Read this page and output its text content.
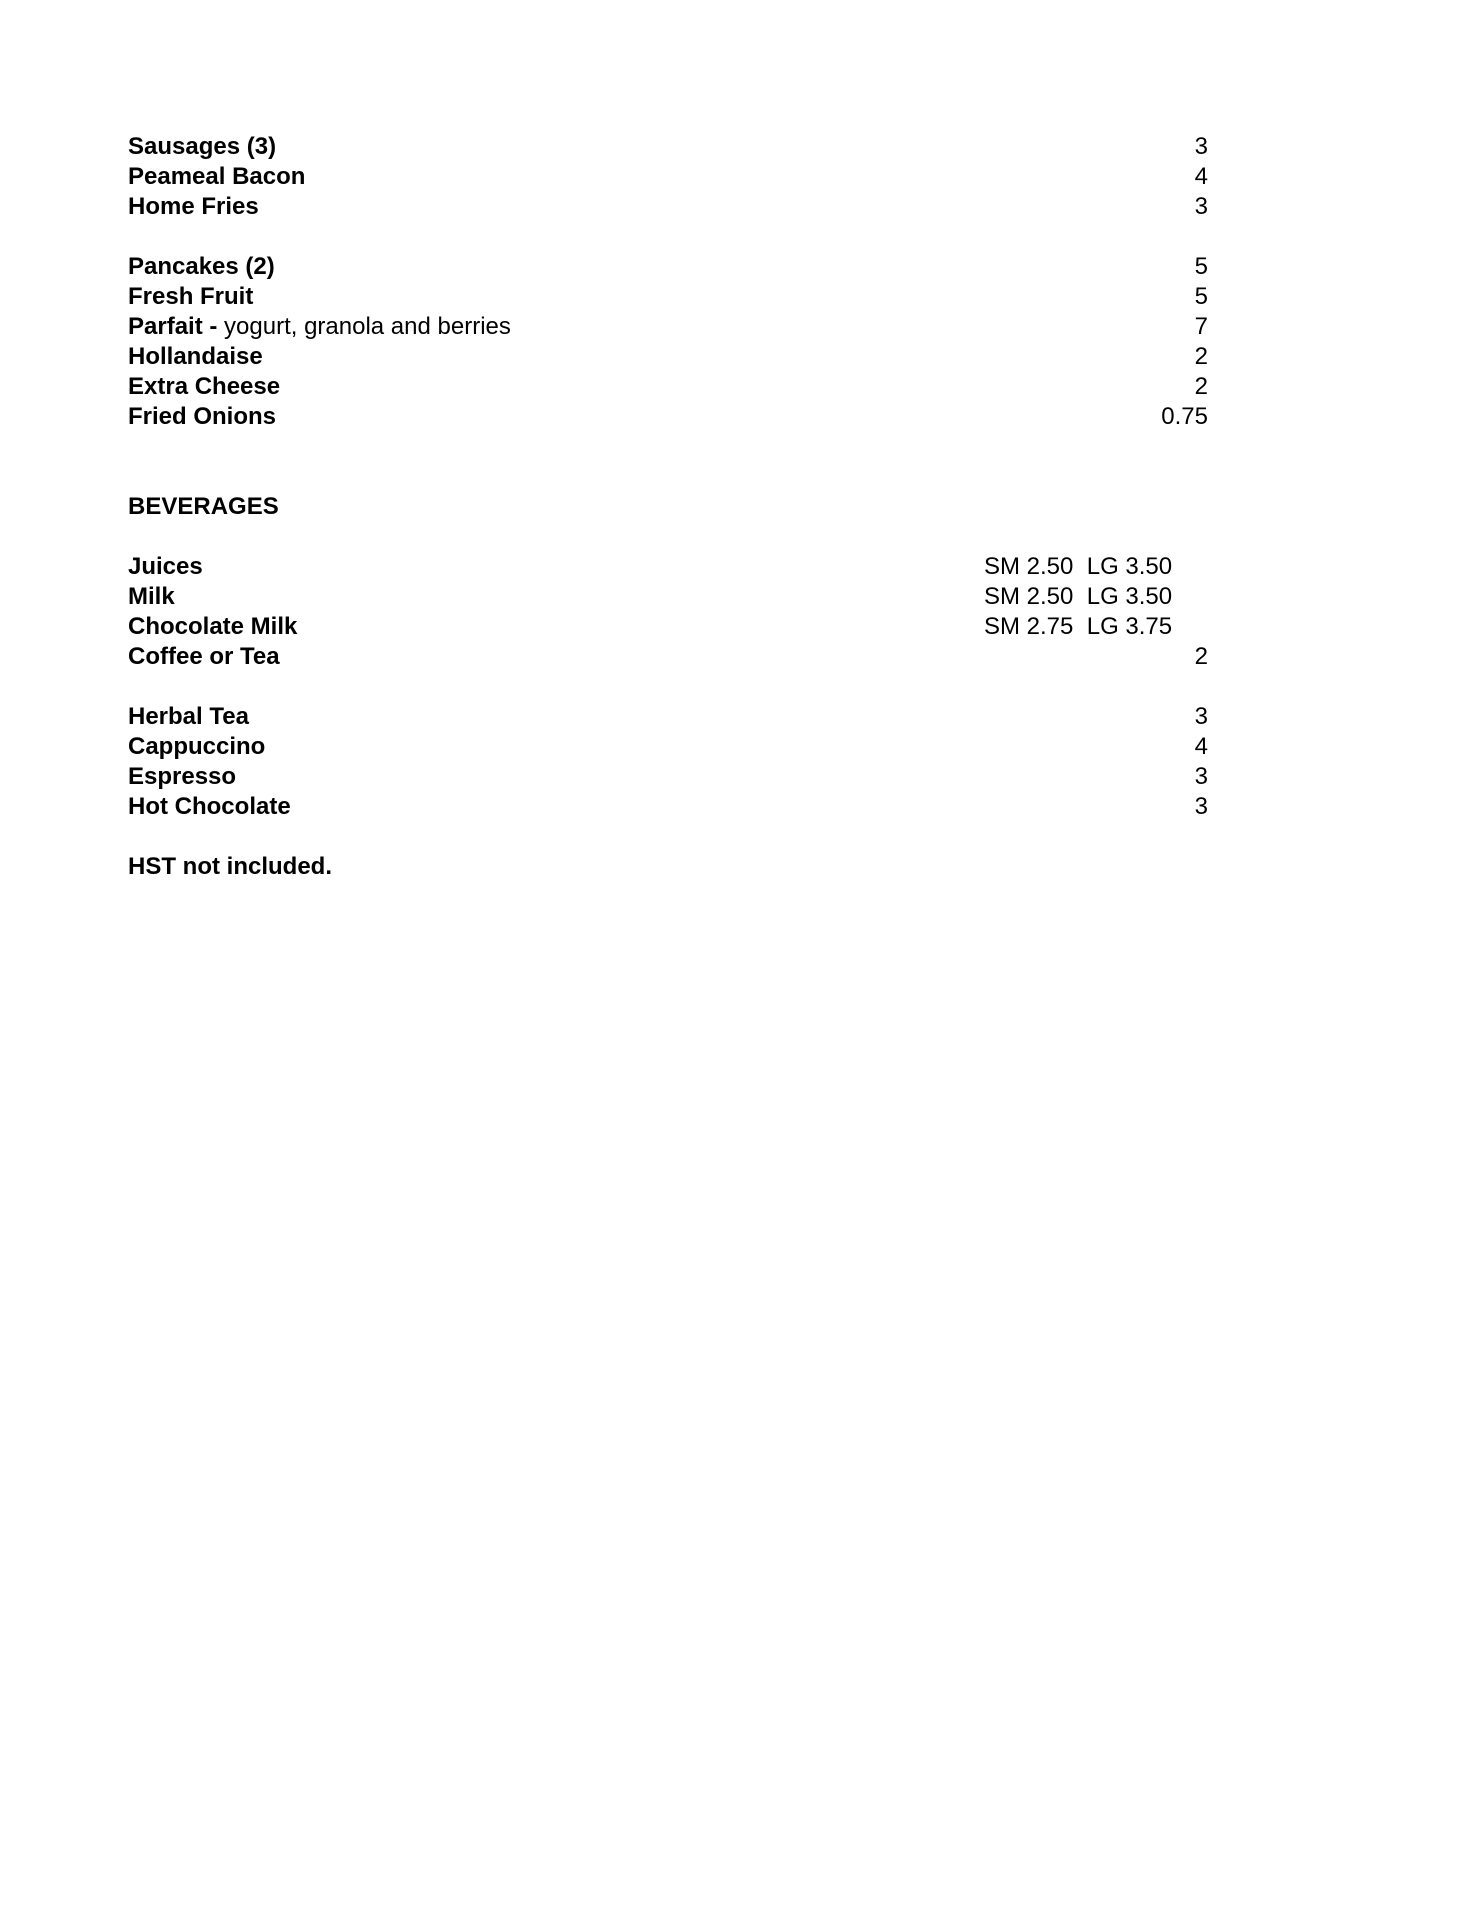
Sausages (3)	3
Peameal Bacon	4
Home Fries	3
Pancakes (2)	5
Fresh Fruit	5
Parfait - yogurt, granola and berries	7
Hollandaise	2
Extra Cheese	2
Fried Onions	0.75
BEVERAGES
Juices	SM 2.50  LG 3.50
Milk	SM 2.50  LG 3.50
Chocolate Milk	SM 2.75  LG 3.75
Coffee or Tea	2
Herbal Tea	3
Cappuccino	4
Espresso	3
Hot Chocolate	3
HST not included.
